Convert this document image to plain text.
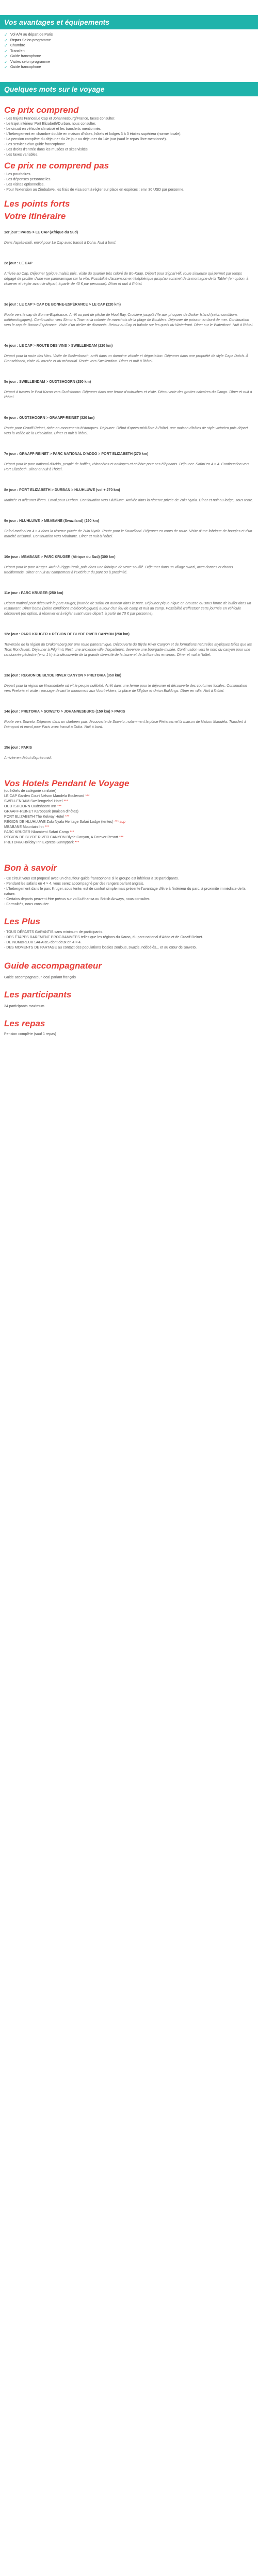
Vos avantages et équipements
✓ Vol A/R au départ de Paris
✓ Repas Selon programme
✓ Chambre
✓ Transfert
✓ Guide francophone
✓ Visites selon programme
✓ Guide francophone
Quelques mots sur le voyage
Ce prix comprend
- Les trajets France/Le Cap et Johannesburg/France, taxes consulter.
- Le trajet intérieur Port Elizabeth/Durban, nous consulter.
- Le circuit en véhicule climatisé et les transferts mentionnés.
- L'hébergement en chambre double en maison d'hôtes, hôtels et lodges 3 à 3 étoiles supérieur (norme locale).
- La pension complète du déjeuner du 2e jour au déjeuner du 14e jour (sauf le repas libre mentionné).
- Les services d'un guide francophone.
- Les droits d'entrée dans les musées et sites visités.
- Les taxes variables.
Ce prix ne comprend pas
- Les pourboires.
- Les dépenses personnelles.
- Les visites optionnelles.
- Pour l'extension au Zimbabwe, les frais de visa sont à régler sur place en espèces : env. 30 USD par personne.
Les points forts
Votre itinéraire

1er jour : PARIS > LE CAP (Afrique du Sud)

Dans l'après-midi, envol pour Le Cap avec transit à Doha. Nuit à bord.

2e jour : LE CAP

Arrivée au Cap. Déjeuner typique malais puis, visite du quartier très coloré de Bo-Kaap. Départ pour Signal Hill, route sinueuse qui permet par temps dégagé de profiter d'une vue panoramique sur la ville. Possibilité d'ascension en téléphérique jusqu'au sommet de la montagne de la Table* (en option, à réserver et régler avant le départ, à partir de 40 € par personne). Dîner et nuit à l'hôtel.

3e jour : LE CAP > CAP DE BONNE-ESPÉRANCE > LE CAP (220 km)

Route vers le cap de Bonne-Espérance. Arrêt au port de pêche de Hout Bay. Croisière jusqu'à l'île aux phoques de Duiker Island (selon conditions météorologiques). Continuation vers Simon's Town et la colonie de manchots de la plage de Boulders. Déjeuner de poisson en bord de mer. Continuation vers le cap de Bonne-Espérance. Visite d'un atelier de diamants. Retour au Cap et balade sur les quais du Waterfront. Dîner sur le Waterfront. Nuit à l'hôtel.

4e jour : LE CAP > ROUTE DES VINS > SWELLENDAM (220 km)

Départ pour la route des Vins. Visite de Stellenbosch, arrêt dans un domaine viticole et dégustation. Déjeuner dans une propriété de style Cape Dutch. À Franschhoek, visite du musée et du mémorial. Route vers Swellendam. Dîner et nuit à l'hôtel.

5e jour : SWELLENDAM > OUDTSHOORN (250 km)

Départ à travers le Petit Karoo vers Oudtshoorn. Déjeuner dans une ferme d'autruches et visite. Découverte des grottes calcaires du Cango. Dîner et nuit à l'hôtel.

6e jour : OUDTSHOORN > GRAAFF-REINET (320 km)

Route pour Graaff-Reinet, riche en monuments historiques. Déjeuner. Début d'après-midi libre à l'hôtel, une maison d'hôtes de style victorien puis départ vers la vallée de la Désolation. Dîner et nuit à l'hôtel.

7e jour : GRAAFF-REINET > PARC NATIONAL D'ADDO > PORT ELIZABETH (270 km)

Départ pour le parc national d'Addo, peuplé de buffles, rhinocéros et antilopes et célèbre pour ses éléphants. Déjeuner. Safari en 4 × 4. Continuation vers Port Elizabeth. Dîner et nuit à l'hôtel.

8e jour : PORT ELIZABETH > DURBAN > HLUHLUWE (vol + 270 km)

Matinée et déjeuner libres. Envol pour Durban. Continuation vers Hluhluwe. Arrivée dans la réserve privée de Zulu Nyala. Dîner et nuit au lodge, sous tente.

9e jour : HLUHLUWE > MBABANE (Swaziland) (290 km)

Safari matinal en 4 × 4 dans la réserve privée de Zulu Nyala. Route pour le Swaziland. Déjeuner en cours de route. Visite d'une fabrique de bougies et d'un marché artisanal. Continuation vers Mbabane. Dîner et nuit à l'hôtel.

10e jour : MBABANE > PARC KRUGER (Afrique du Sud) (300 km)

Départ pour le parc Kruger. Arrêt à Piggs Peak, puis dans une fabrique de verre soufflé. Déjeuner dans un village swazi, avec danses et chants traditionnels. Dîner et nuit au campement à l'extérieur du parc ou à proximité.

11e jour : PARC KRUGER (250 km)

Départ matinal pour découvrir le parc Kruger, journée de safari en autocar dans le parc. Déjeuner pique-nique en brousse ou sous forme de buffet dans un restaurant. Dîner boma (selon conditions météorologiques) autour d'un feu de camp et nuit au camp. Possibilité d'effectuer cette journée en véhicule découvert (en option, à réserver et à régler avant votre départ, à partir de 70 € par personne).

12e jour : PARC KRUGER > RÉGION DE BLYDE RIVER CANYON (250 km)

Traversée de la région du Drakensberg par une route panoramique. Découverte du Blyde River Canyon et de formations naturelles atypiques telles que les Trois Rondavels. Déjeuner à Pilgrim's Rest, une ancienne ville d'orpailleurs, devenue une bourgade-musée. Continuation vers le nord du canyon pour une randonnée pédestre (env. 1 h) à la découverte de la grande diversité de la faune et de la flore des environs. Dîner et nuit à l'hôtel.

13e jour : RÉGION DE BLYDE RIVER CANYON > PRETORIA (350 km)

Départ pour la région de Kwandebele où vit le peuple ndébélé. Arrêt dans une ferme pour le déjeuner et découverte des coutumes locales. Continuation vers Pretoria et visite : passage devant le monument aux Voortrekkers, la place de l'Église et Union Buildings. Dîner en ville. Nuit à l'hôtel.

14e jour : PRETORIA > SOWETO > JOHANNESBURG (150 km) > PARIS

Route vers Soweto. Déjeuner dans un shebeen puis découverte de Soweto, notamment la place Pietersen et la maison de Nelson Mandela. Transfert à l'aéroport et envol pour Paris avec transit à Doha. Nuit à bord.

15e jour : PARIS

Arrivée en début d'après-midi.

Vos Hotels Pendant le Voyage
(ou hôtels de catégorie similaire)
LE CAP Garden Court Nelson Mandela Boulevard ***
SWELLENDAM Swellengrebel Hotel ***
OUDTSHOORN Oudtshoorn Inn ***
GRAAFF-REINET Karoopark (maison d'hôtes)
PORT ELIZABETH The Kelway Hotel ***
RÉGION DE HLUHLUWE Zulu Nyala Heritage Safari Lodge (tentes) *** sup
MBABANE Mountain Inn ***
PARC KRUGER Nkambeni Safari Camp ***
RÉGION DE BLYDE RIVER CANYON Blyde Canyon, A Forever Resort ***
PRETORIA Holiday Inn Express Sunnypark ***
Bon à savoir
- Ce circuit vous est proposé avec un chauffeur-guide francophone si le groupe est inférieur à 10 participants.
- Pendant les safaris en 4 × 4, vous serez accompagné par des rangers parlant anglais.
- L'hébergement dans le parc Kruger, sous tente, est de confort simple mais présente l'avantage d'être à l'intérieur du parc, à proximité immédiate de la nature.
- Certains départs peuvent être prévus sur vol Lufthansa ou British Airways, nous consulter.
- Formalités, nous consulter.
Les Plus
- TOUS DÉPARTS GARANTIS sans minimum de participants.
- DES ÉTAPES RAREMENT PROGRAMMÉES telles que les régions du Karoo, du parc national d'Addo et de Graaff-Reinet.
- DE NOMBREUX SAFARIS dont deux en 4 × 4.
- DES MOMENTS DE PARTAGE au contact des populations locales zoulous, swazis, ndébélés... et au cœur de Soweto.
Guide accompagnateur

Guide accompagnateur local parlant français

Les participants

34 participants maximum

Les repas

Pension complète (sauf 1 repas)
